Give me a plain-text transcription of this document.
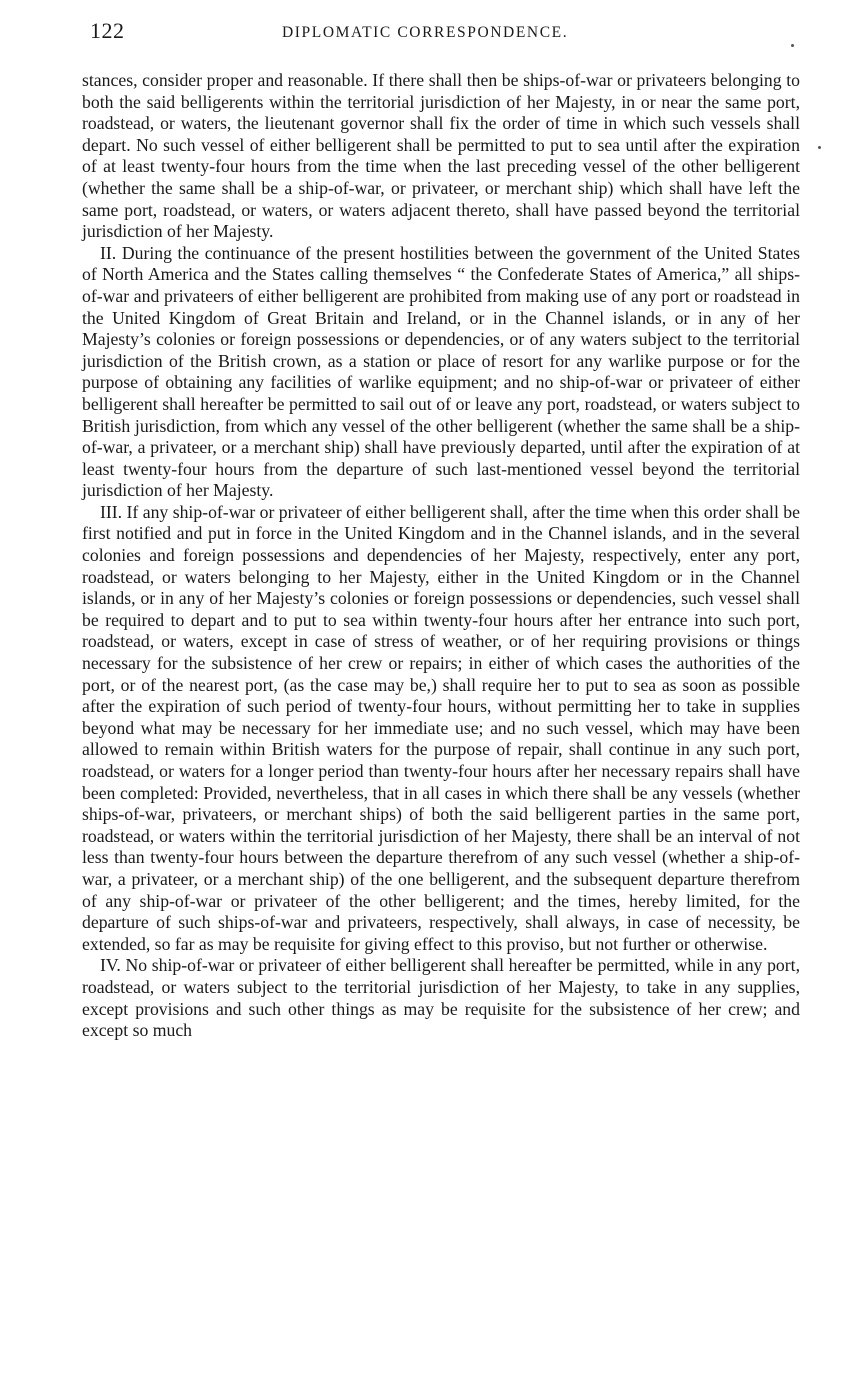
122	DIPLOMATIC CORRESPONDENCE.

stances, consider proper and reasonable. If there shall then be ships-of-war or privateers belonging to both the said belligerents within the territorial jurisdiction of her Majesty, in or near the same port, roadstead, or waters, the lieutenant governor shall fix the order of time in which such vessels shall depart. No such vessel of either belligerent shall be permitted to put to sea until after the expiration of at least twenty-four hours from the time when the last preceding vessel of the other belligerent (whether the same shall be a ship-of-war, or privateer, or merchant ship) which shall have left the same port, roadstead, or waters, or waters adjacent thereto, shall have passed beyond the territorial jurisdiction of her Majesty.

II. During the continuance of the present hostilities between the government of the United States of North America and the States calling themselves “ the Confederate States of America,” all ships-of-war and privateers of either belligerent are prohibited from making use of any port or roadstead in the United Kingdom of Great Britain and Ireland, or in the Channel islands, or in any of her Majesty’s colonies or foreign possessions or dependencies, or of any waters subject to the territorial jurisdiction of the British crown, as a station or place of resort for any warlike purpose or for the purpose of obtaining any facilities of warlike equipment; and no ship-of-war or privateer of either belligerent shall hereafter be permitted to sail out of or leave any port, roadstead, or waters subject to British jurisdiction, from which any vessel of the other belligerent (whether the same shall be a ship-of-war, a privateer, or a merchant ship) shall have previously departed, until after the expiration of at least twenty-four hours from the departure of such last-mentioned vessel beyond the territorial jurisdiction of her Majesty.

III. If any ship-of-war or privateer of either belligerent shall, after the time when this order shall be first notified and put in force in the United Kingdom and in the Channel islands, and in the several colonies and foreign possessions and dependencies of her Majesty, respectively, enter any port, roadstead, or waters belonging to her Majesty, either in the United Kingdom or in the Channel islands, or in any of her Majesty’s colonies or foreign possessions or dependencies, such vessel shall be required to depart and to put to sea within twenty-four hours after her entrance into such port, roadstead, or waters, except in case of stress of weather, or of her requiring provisions or things necessary for the subsistence of her crew or repairs; in either of which cases the authorities of the port, or of the nearest port, (as the case may be,) shall require her to put to sea as soon as possible after the expiration of such period of twenty-four hours, without permitting her to take in supplies beyond what may be necessary for her immediate use; and no such vessel, which may have been allowed to remain within British waters for the purpose of repair, shall continue in any such port, roadstead, or waters for a longer period than twenty-four hours after her necessary repairs shall have been completed: Provided, nevertheless, that in all cases in which there shall be any vessels (whether ships-of-war, privateers, or merchant ships) of both the said belligerent parties in the same port, roadstead, or waters within the territorial jurisdiction of her Majesty, there shall be an interval of not less than twenty-four hours between the departure therefrom of any such vessel (whether a ship-of-war, a privateer, or a merchant ship) of the one belligerent, and the subsequent departure therefrom of any ship-of-war or privateer of the other belligerent; and the times, hereby limited, for the departure of such ships-of-war and privateers, respectively, shall always, in case of necessity, be extended, so far as may be requisite for giving effect to this proviso, but not further or otherwise.

IV. No ship-of-war or privateer of either belligerent shall hereafter be permitted, while in any port, roadstead, or waters subject to the territorial jurisdiction of her Majesty, to take in any supplies, except provisions and such other things as may be requisite for the subsistence of her crew; and except so much
